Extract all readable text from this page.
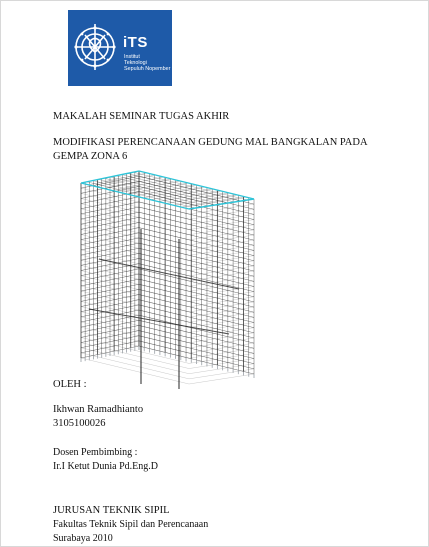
iTS
Institut
Teknologi
Sepuluh Nopember
MAKALAH SEMINAR TUGAS AKHIR
MODIFIKASI PERENCANAAN GEDUNG MAL BANGKALAN PADA
GEMPA ZONA 6
OLEH :
Ikhwan Ramadhianto
3105100026
Dosen Pembimbing :
Ir.I Ketut Dunia Pd.Eng.D
JURUSAN TEKNIK SIPIL
Fakultas Teknik Sipil dan Perencanaan
Surabaya 2010
